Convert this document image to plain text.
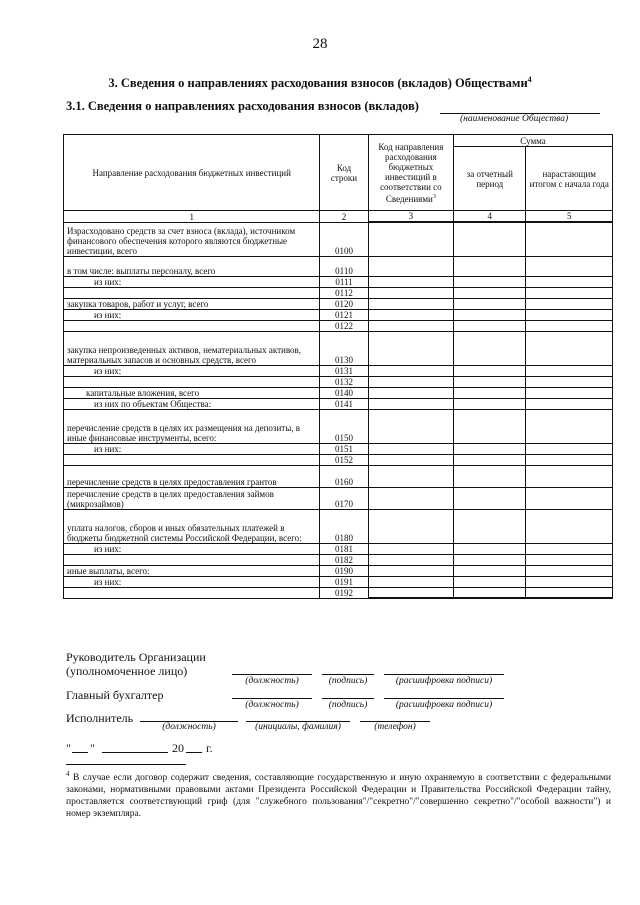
28
3. Сведения о направлениях расходования взносов (вкладов) Обществами$^4$
3.1. Сведения о направлениях расходования взносов (вкладов)
(наименование Общества)
Направление расходования бюджетных инвестиций	Код строки	Код направления расходования бюджетных инвестиций в соответствии со Сведениями$^3$	Сумма	
			за отчетный период	нарастающим итогом с начала года
1	2	3	4	5
Израсходовано средств за счет взноса (вклада), источником финансового обеспечения которого являются бюджетные инвестиции, всего	0100			
в том числе: выплаты персоналу, всего	0110			
из них:	0111			
	0112			
закупка товаров, работ и услуг, всего	0120			
из них:	0121			
	0122			
закупка непроизведенных активов, нематериальных активов, материальных запасов и основных средств, всего	0130			
из них:	0131			
	0132			
капитальные вложения, всего	0140			
из них по объектам Общества:	0141			
перечисление средств в целях их размещения на депозиты, в иные финансовые инструменты, всего:	0150			
из них:	0151			
	0152			
перечисление средств в целях предоставления грантов	0160			
перечисление средств в целях предоставления займов (микрозаймов)	0170			
уплата налогов, сборов и иных обязательных платежей в бюджеты бюджетной системы Российской Федерации, всего:	0180			
из них:	0181			
	0182			
иные выплаты, всего:	0190			
из них:	0191			
	0192			
Руководитель Организации
(уполномоченное лицо)
(должность)	(подпись)	(расшифровка подписи)
Главный бухгалтер
(должность)	(подпись)	(расшифровка подписи)
Исполнитель
(должность)	(инициалы, фамилия)	(телефон)
" "	20 г.
$^4$ В случае если договор содержит сведения, составляющие государственную и иную охраняемую в соответствии с федеральными законами, нормативными правовыми актами Президента Российской Федерации и Правительства Российской Федерации тайну, проставляется соответствующий гриф (для "служебного пользования"/"секретно"/"совершенно секретно"/"особой важности") и номер экземпляра.
